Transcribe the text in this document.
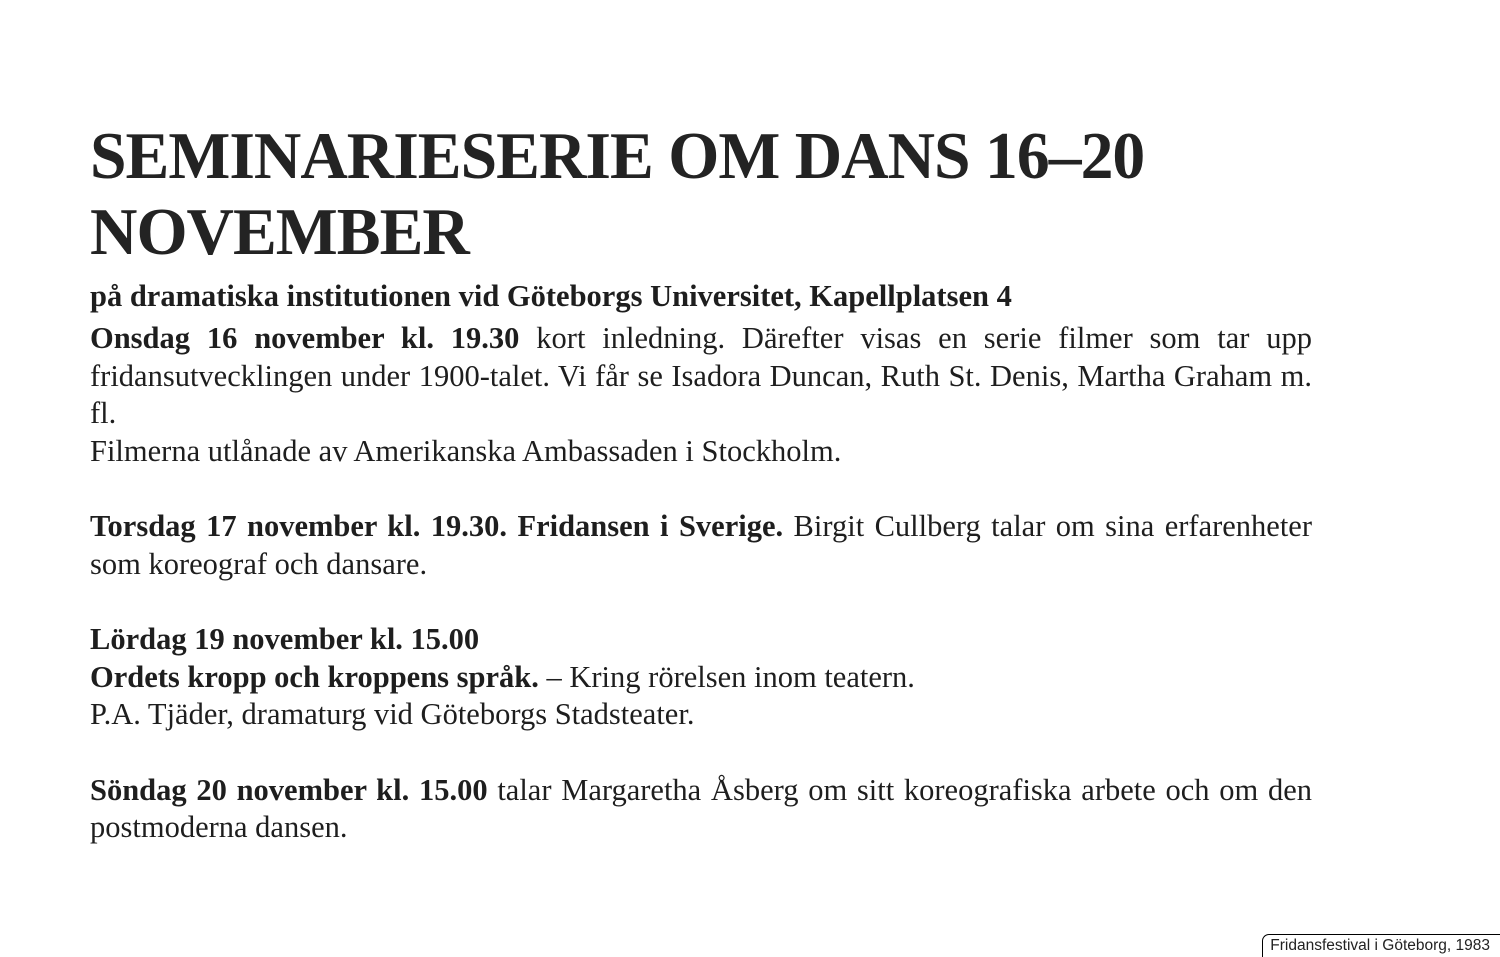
SEMINARIESERIE OM DANS 16–20
NOVEMBER
på dramatiska institutionen vid Göteborgs Universitet, Kapellplatsen 4
Onsdag 16 november kl. 19.30 kort inledning. Därefter visas en serie filmer som tar upp fridansutvecklingen under 1900-talet. Vi får se Isadora Duncan, Ruth St. Denis, Martha Graham m. fl.
Filmerna utlånade av Amerikanska Ambassaden i Stockholm.
Torsdag 17 november kl. 19.30. Fridansen i Sverige. Birgit Cullberg talar om sina erfarenheter som koreograf och dansare.
Lördag 19 november kl. 15.00
Ordets kropp och kroppens språk. – Kring rörelsen inom teatern.
P.A. Tjäder, dramaturg vid Göteborgs Stadsteater.
Söndag 20 november kl. 15.00 talar Margaretha Åsberg om sitt koreografiska arbete och om den postmoderna dansen.
Fridansfestival i Göteborg, 1983
